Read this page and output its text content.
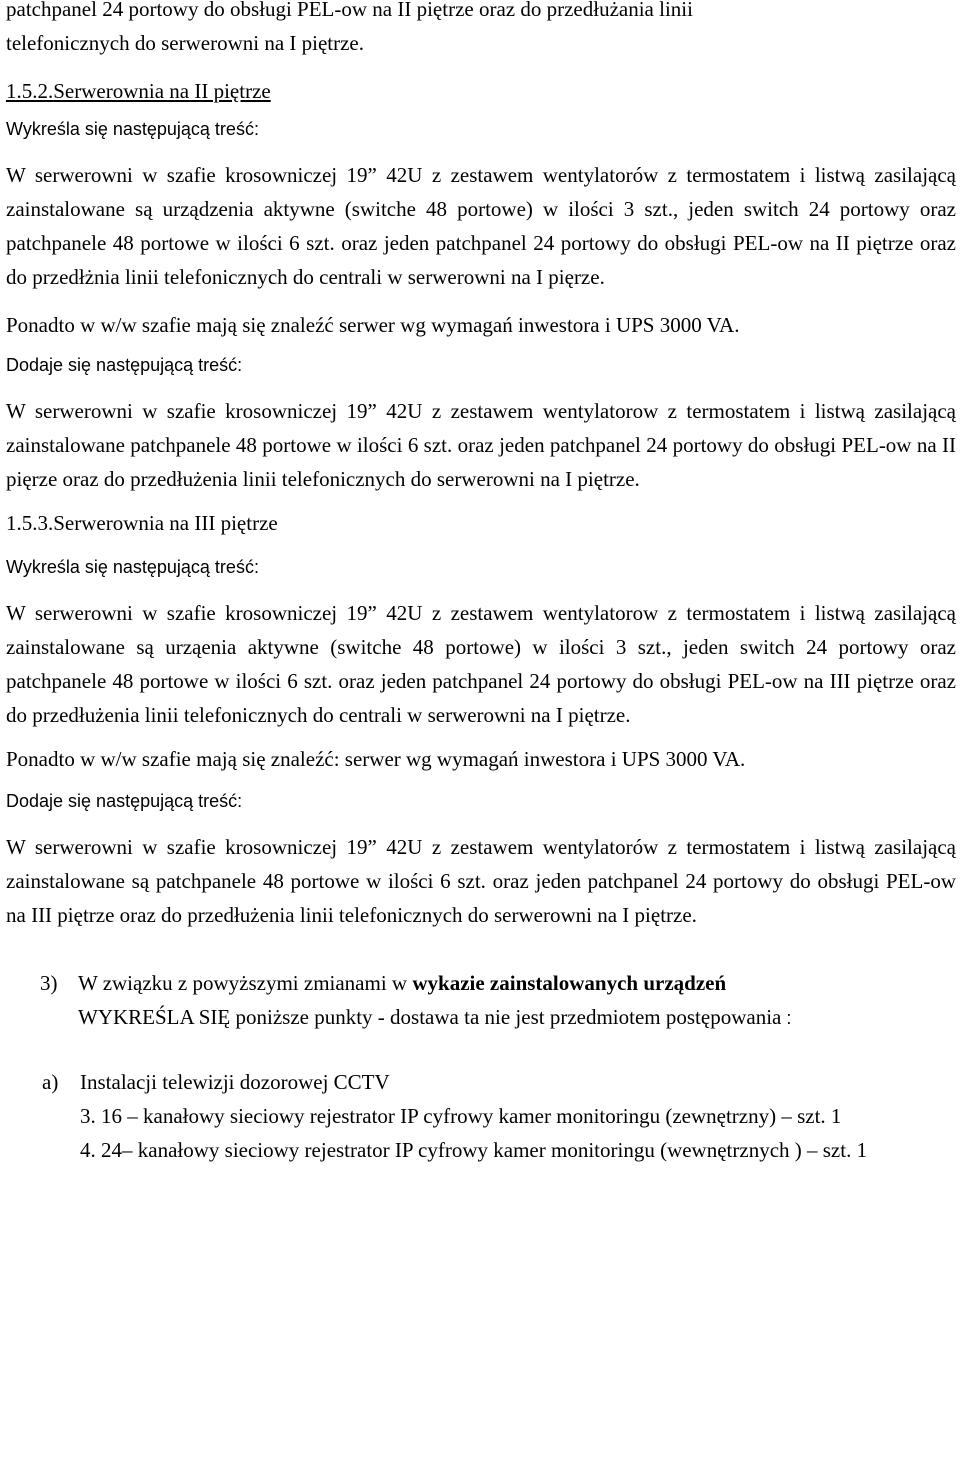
patchpanel 24 portowy do obsługi PEL-ow na II piętrze oraz do przedłużania linii
telefonicznych do serwerowni na I piętrze.

1.5.2.Serwerownia na II piętrze

Wykreśla się następującą treść:

W serwerowni w szafie krosowniczej 19” 42U z zestawem wentylatorów z termostatem i listwą zasilającą zainstalowane są urządzenia aktywne (switche 48 portowe) w ilości 3 szt., jeden switch 24 portowy oraz patchpanele 48 portowe w ilości 6 szt. oraz jeden patchpanel 24 portowy do obsługi PEL-ow na II piętrze oraz do przedłżnia linii telefonicznych do centrali w serwerowni na I pięrze.

Ponadto w w/w szafie mają się znaleźć serwer wg wymagań inwestora i UPS 3000 VA.

Dodaje się następującą treść:

W serwerowni w szafie krosowniczej 19” 42U z zestawem wentylatorow z termostatem i listwą zasilającą zainstalowane patchpanele 48 portowe w ilości 6 szt. oraz jeden patchpanel 24 portowy do obsługi PEL-ow na II pięrze oraz do przedłużenia linii telefonicznych do serwerowni na I piętrze.

1.5.3.Serwerownia na III piętrze

Wykreśla się następującą treść:

W serwerowni w szafie krosowniczej 19” 42U z zestawem wentylatorow z termostatem i listwą zasilającą zainstalowane są urząenia aktywne (switche 48 portowe) w ilości 3 szt., jeden switch 24 portowy oraz patchpanele 48 portowe w ilości 6 szt. oraz jeden patchpanel 24 portowy do obsługi PEL-ow na III piętrze oraz do przedłużenia linii telefonicznych do centrali w serwerowni na I piętrze.

Ponadto w w/w szafie mają się znaleźć: serwer wg wymagań inwestora i UPS 3000 VA.

Dodaje się następującą treść:

W serwerowni w szafie krosowniczej 19” 42U z zestawem wentylatorów z termostatem i listwą zasilającą zainstalowane są patchpanele 48 portowe w ilości 6 szt. oraz jeden patchpanel 24 portowy do obsługi PEL-ow na III piętrze oraz do przedłużenia linii telefonicznych do serwerowni na I piętrze.

3) W związku z powyższymi zmianami w wykazie zainstalowanych urządzeń

WYKREŚLA SIĘ poniższe punkty - dostawa ta nie jest przedmiotem postępowania :

a) Instalacji telewizji dozorowej CCTV

3. 16 – kanałowy sieciowy rejestrator IP cyfrowy kamer monitoringu (zewnętrzny) – szt. 1

4. 24– kanałowy sieciowy rejestrator IP cyfrowy kamer monitoringu (wewnętrznych ) – szt. 1
